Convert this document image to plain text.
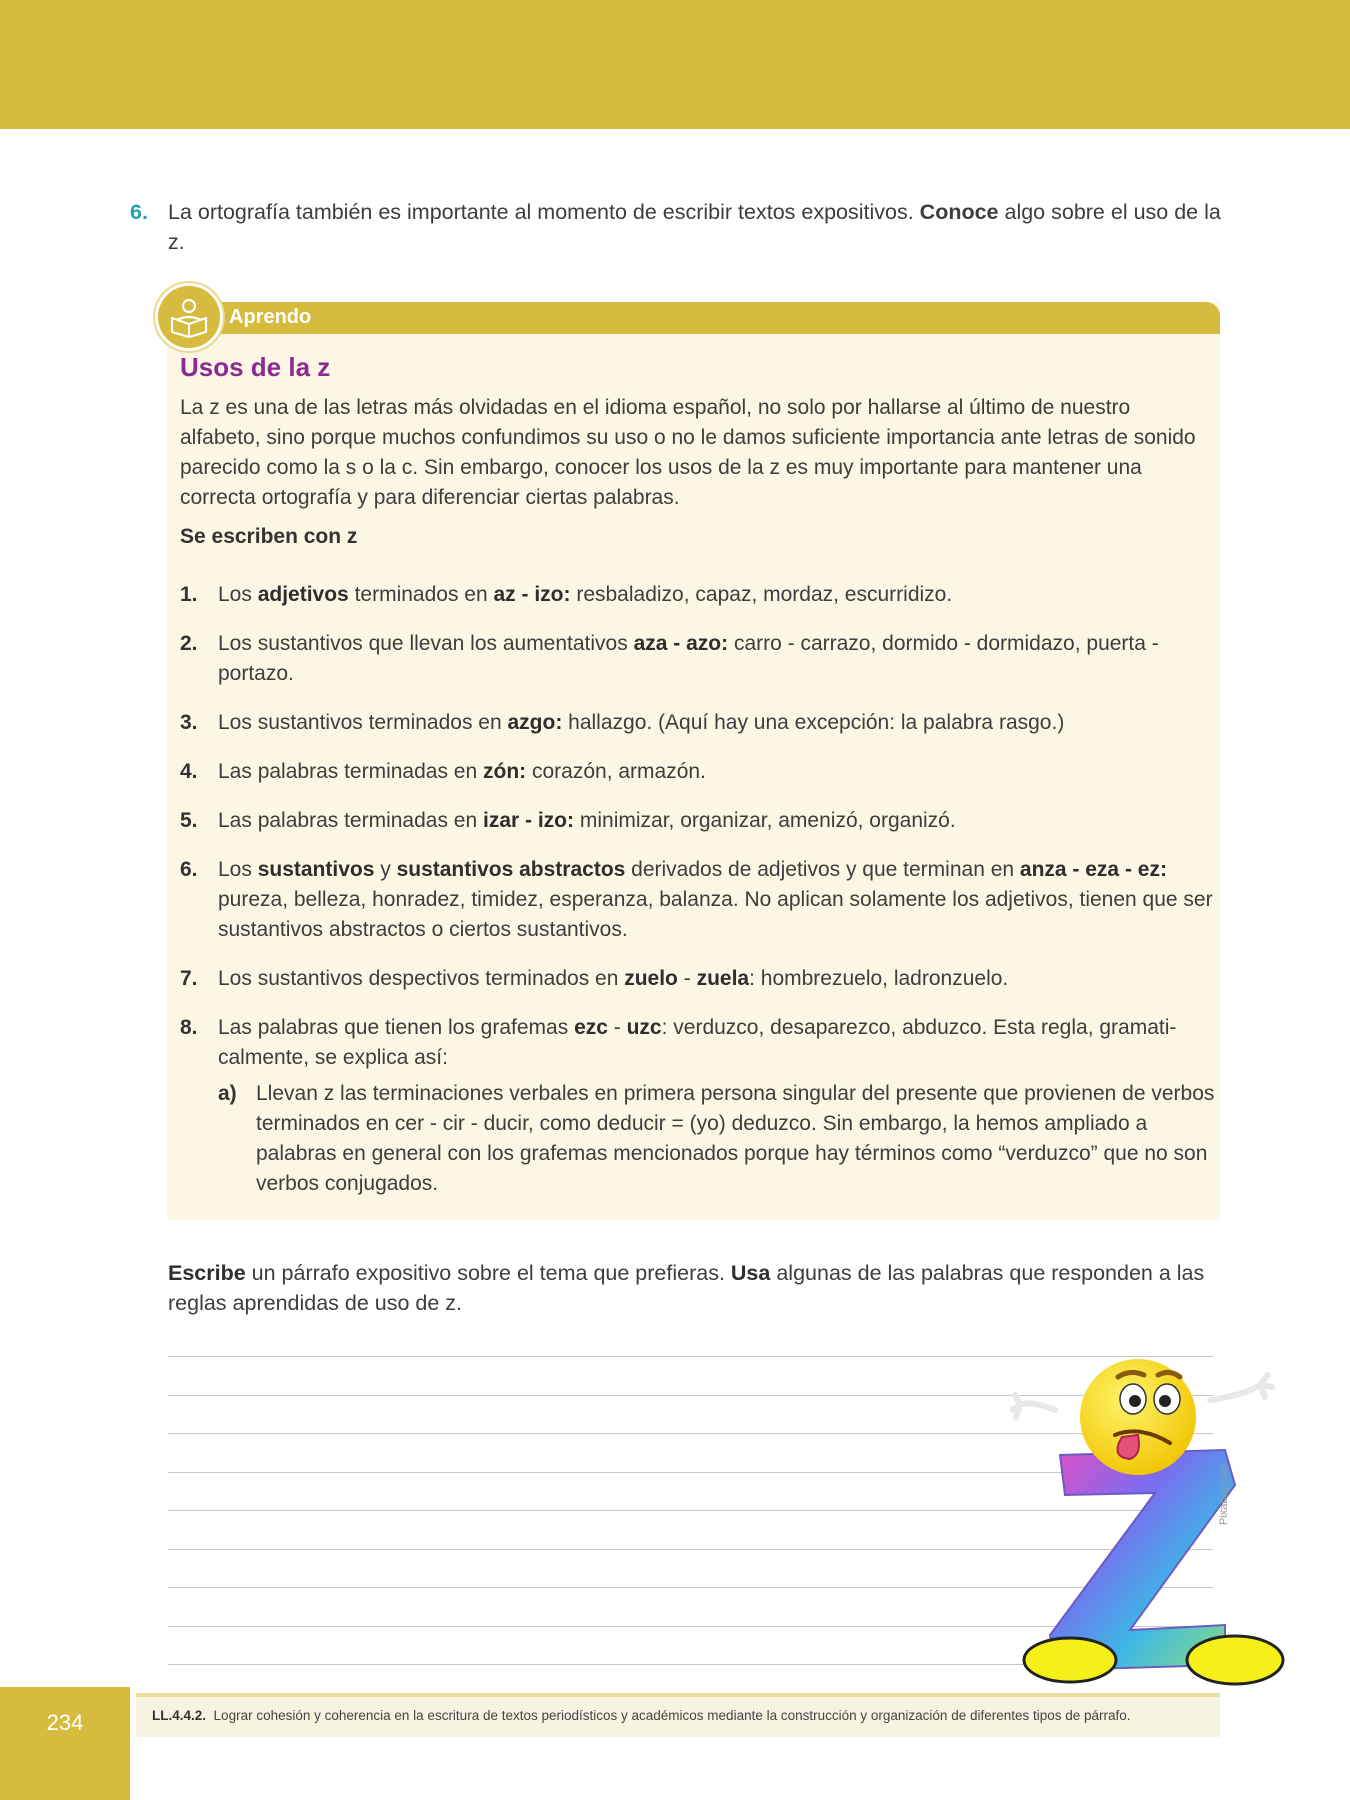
6. La ortografía también es importante al momento de escribir textos expositivos. Conoce algo sobre el uso de la z.
Aprendo
Usos de la z
La z es una de las letras más olvidadas en el idioma español, no solo por hallarse al último de nuestro alfabeto, sino porque muchos confundimos su uso o no le damos suficiente importancia ante letras de sonido parecido como la s o la c. Sin embargo, conocer los usos de la z es muy importante para mantener una correcta ortografía y para diferenciar ciertas palabras.
Se escriben con z
1. Los adjetivos terminados en az - izo: resbaladizo, capaz, mordaz, escurridizo.
2. Los sustantivos que llevan los aumentativos aza - azo: carro - carrazo, dormido - dormidazo, puerta - portazo.
3. Los sustantivos terminados en azgo: hallazgo. (Aquí hay una excepción: la palabra rasgo.)
4. Las palabras terminadas en zón: corazón, armazón.
5. Las palabras terminadas en izar - izo: minimizar, organizar, amenizó, organizó.
6. Los sustantivos y sustantivos abstractos derivados de adjetivos y que terminan en anza - eza - ez: pureza, belleza, honradez, timidez, esperanza, balanza. No aplican solamente los adjetivos, tienen que ser sustantivos abstractos o ciertos sustantivos.
7. Los sustantivos despectivos terminados en zuelo - zuela: hombrezuelo, ladronzuelo.
8. Las palabras que tienen los grafemas ezc - uzc: verduzco, desaparezco, abduzco. Esta regla, gramaticalmente, se explica así:
a) Llevan z las terminaciones verbales en primera persona singular del presente que provienen de verbos terminados en cer - cir - ducir, como deducir = (yo) deduzco. Sin embargo, la hemos ampliado a palabras en general con los grafemas mencionados porque hay términos como “verduzco” que no son verbos conjugados.
Escribe un párrafo expositivo sobre el tema que prefieras. Usa algunas de las palabras que responden a las reglas aprendidas de uso de z.
Pixabay.com
234	LL.4.4.2. Lograr cohesión y coherencia en la escritura de textos periodísticos y académicos mediante la construcción y organización de diferentes tipos de párrafo.
